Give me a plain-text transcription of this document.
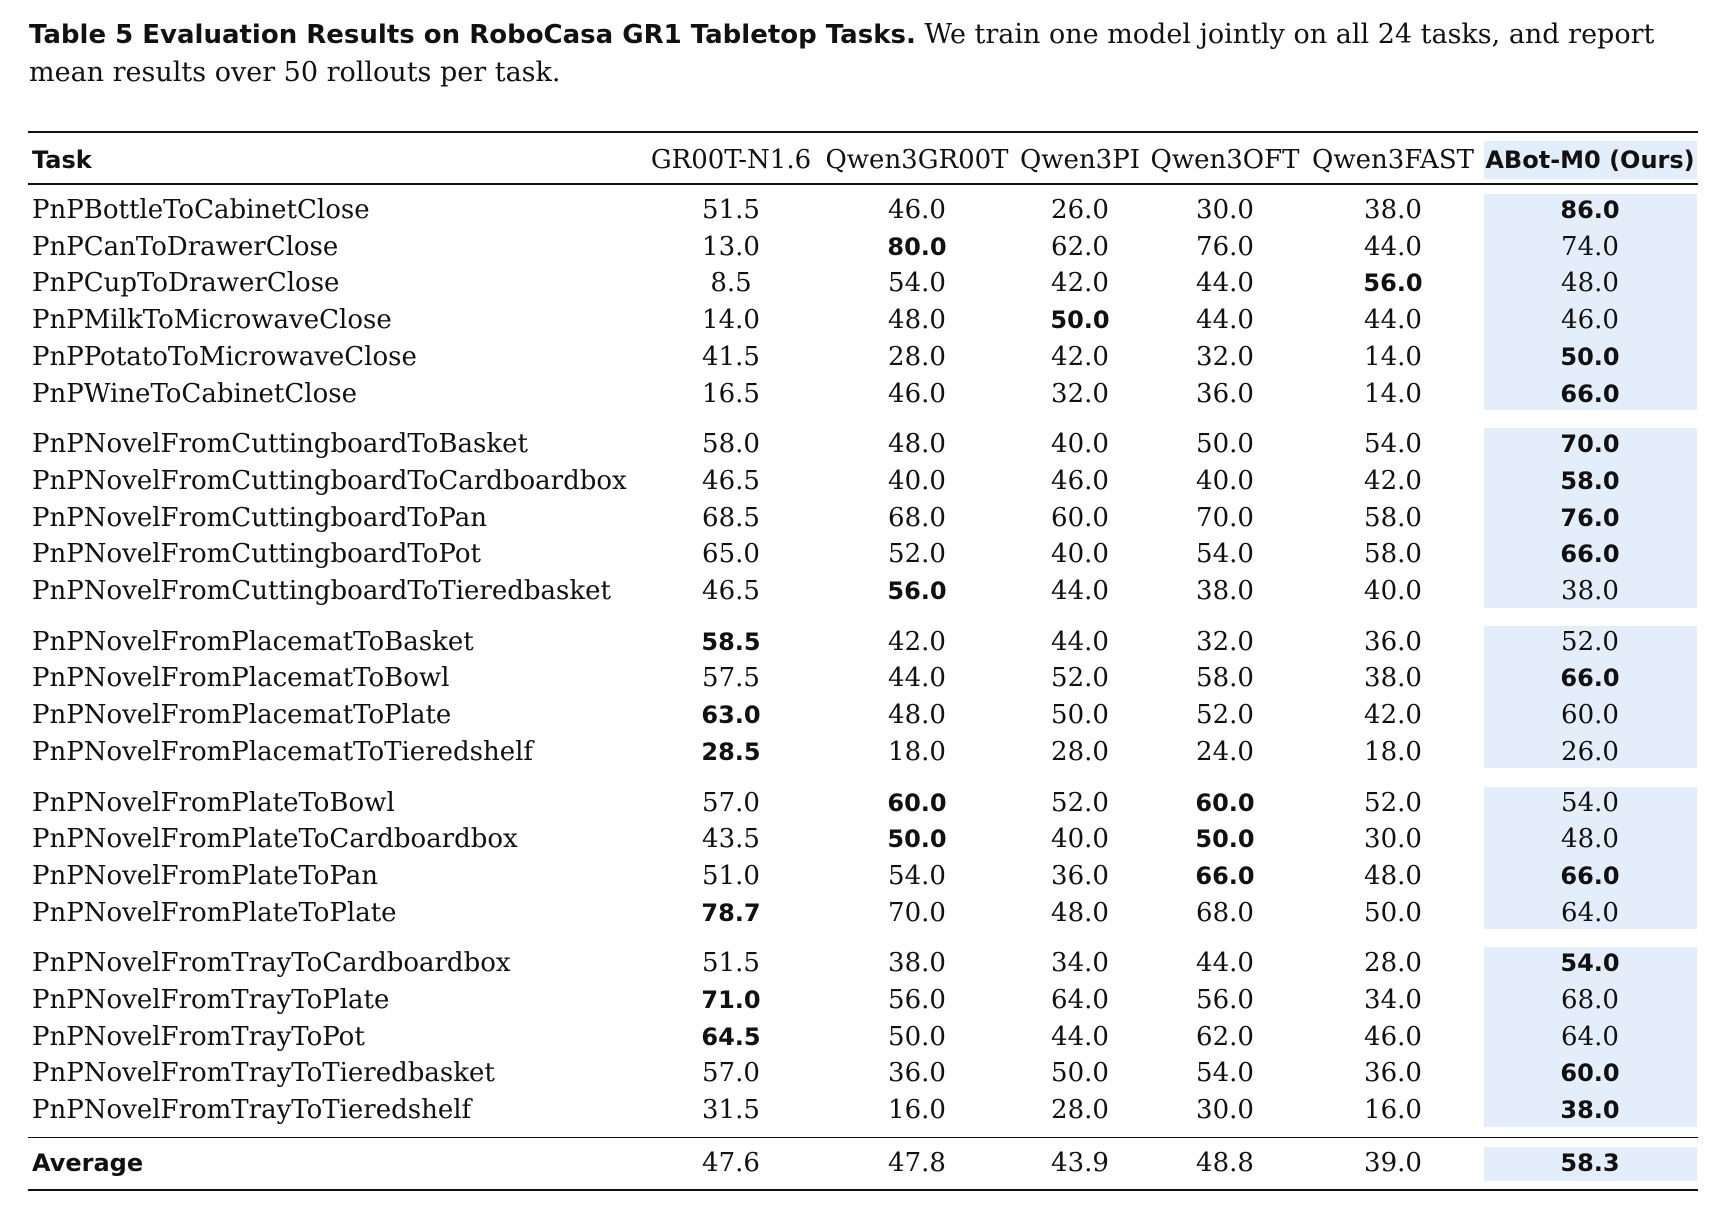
Table 5 Evaluation Results on RoboCasa GR1 Tabletop Tasks. We train one model jointly on all 24 tasks, and report mean results over 50 rollouts per task.
Task	GR00T-N1.6 Qwen3GR00T Qwen3PI Qwen3OFT Qwen3FAST ABot-M0 (Ours)
PnPBottleToCabinetClose	51.5	46.0	26.0	30.0	38.0	86.0
PnPCanToDrawerClose	13.0	80.0	62.0	76.0	44.0	74.0
PnPCupToDrawerClose	8.5	54.0	42.0	44.0	56.0	48.0
PnPMilkToMicrowaveClose	14.0	48.0	50.0	44.0	44.0	46.0
PnPPotatoToMicrowaveClose	41.5	28.0	42.0	32.0	14.0	50.0
PnPWineToCabinetClose	16.5	46.0	32.0	36.0	14.0	66.0
PnPNovelFromCuttingboardToBasket	58.0	48.0	40.0	50.0	54.0	70.0
PnPNovelFromCuttingboardToCardboardbox	46.5	40.0	46.0	40.0	42.0	58.0
PnPNovelFromCuttingboardToPan	68.5	68.0	60.0	70.0	58.0	76.0
PnPNovelFromCuttingboardToPot	65.0	52.0	40.0	54.0	58.0	66.0
PnPNovelFromCuttingboardToTieredbasket	46.5	56.0	44.0	38.0	40.0	38.0
PnPNovelFromPlacematToBasket	58.5	42.0	44.0	32.0	36.0	52.0
PnPNovelFromPlacematToBowl	57.5	44.0	52.0	58.0	38.0	66.0
PnPNovelFromPlacematToPlate	63.0	48.0	50.0	52.0	42.0	60.0
PnPNovelFromPlacematToTieredshelf	28.5	18.0	28.0	24.0	18.0	26.0
PnPNovelFromPlateToBowl	57.0	60.0	52.0	60.0	52.0	54.0
PnPNovelFromPlateToCardboardbox	43.5	50.0	40.0	50.0	30.0	48.0
PnPNovelFromPlateToPan	51.0	54.0	36.0	66.0	48.0	66.0
PnPNovelFromPlateToPlate	78.7	70.0	48.0	68.0	50.0	64.0
PnPNovelFromTrayToCardboardbox	51.5	38.0	34.0	44.0	28.0	54.0
PnPNovelFromTrayToPlate	71.0	56.0	64.0	56.0	34.0	68.0
PnPNovelFromTrayToPot	64.5	50.0	44.0	62.0	46.0	64.0
PnPNovelFromTrayToTieredbasket	57.0	36.0	50.0	54.0	36.0	60.0
PnPNovelFromTrayToTieredshelf	31.5	16.0	28.0	30.0	16.0	38.0
Average	47.6	47.8	43.9	48.8	39.0	58.3
